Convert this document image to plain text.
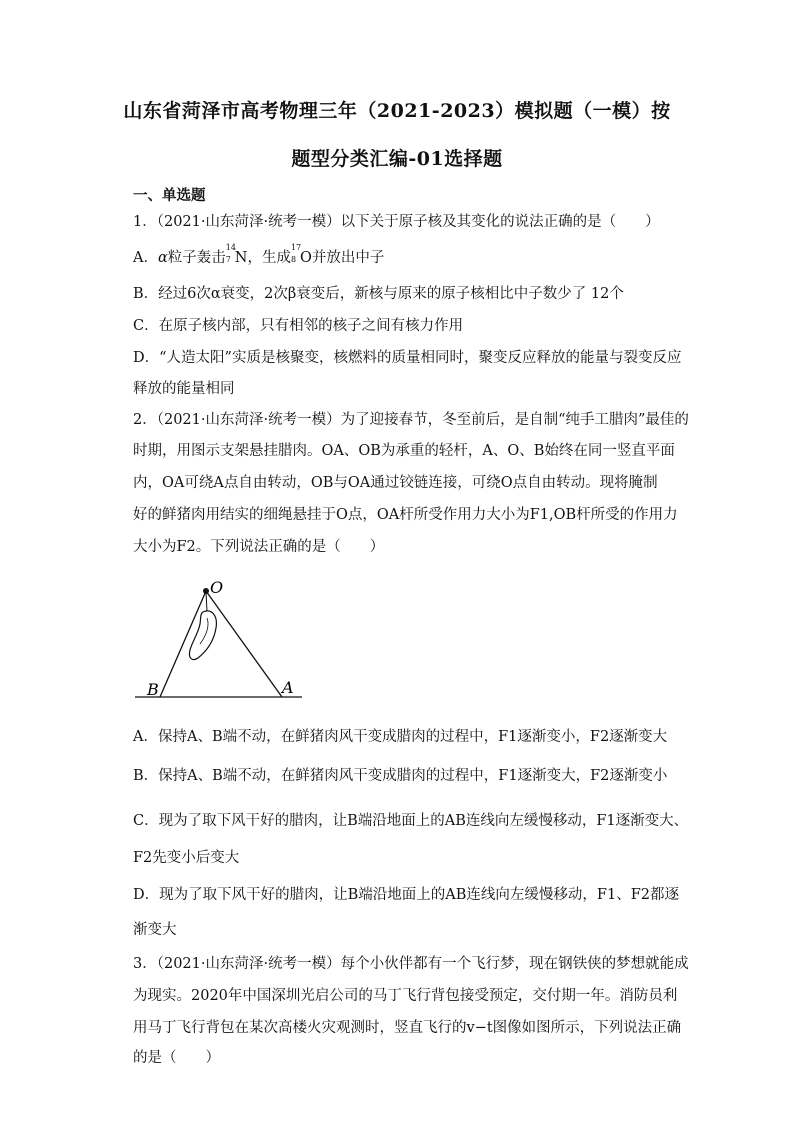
山东省菏泽市高考物理三年（2021-2023）模拟题（一模）按
题型分类汇编-01选择题
一、单选题
1．（2021·山东菏泽·统考一模）以下关于原子核及其变化的说法正确的是（　　）
A．α粒子轰击
14
7 N，生成
17
8 O并放出中子
B．经过6次α衰变，2次β衰变后，新核与原来的原子核相比中子数少了 12个
C．在原子核内部，只有相邻的核子之间有核力作用
D．“人造太阳”实质是核聚变，核燃料的质量相同时，聚变反应释放的能量与裂变反应
释放的能量相同
2．（2021·山东菏泽·统考一模）为了迎接春节，冬至前后，是自制“纯手工腊肉”最佳的
时期，用图示支架悬挂腊肉。OA、OB为承重的轻杆，A、O、B始终在同一竖直平面
内，OA可绕A点自由转动，OB与OA通过铰链连接，可绕O点自由转动。现将腌制
好的鲜猪肉用结实的细绳悬挂于O点，OA杆所受作用力大小为F1,OB杆所受的作用力
大小为F2。下列说法正确的是（　　）
O
B	A
A．保持A、B端不动，在鲜猪肉风干变成腊肉的过程中，F1逐渐变小，F2逐渐变大
B．保持A、B端不动，在鲜猪肉风干变成腊肉的过程中，F1逐渐变大，F2逐渐变小
C．现为了取下风干好的腊肉，让B端沿地面上的AB连线向左缓慢移动，F1逐渐变大、
F2先变小后变大
D．现为了取下风干好的腊肉，让B端沿地面上的AB连线向左缓慢移动，F1、F2都逐
渐变大
3．（2021·山东菏泽·统考一模）每个小伙伴都有一个飞行梦，现在钢铁侠的梦想就能成
为现实。2020年中国深圳光启公司的马丁飞行背包接受预定，交付期一年。消防员利
用马丁飞行背包在某次高楼火灾观测时，竖直飞行的v−t图像如图所示，下列说法正确
的是（　　）
